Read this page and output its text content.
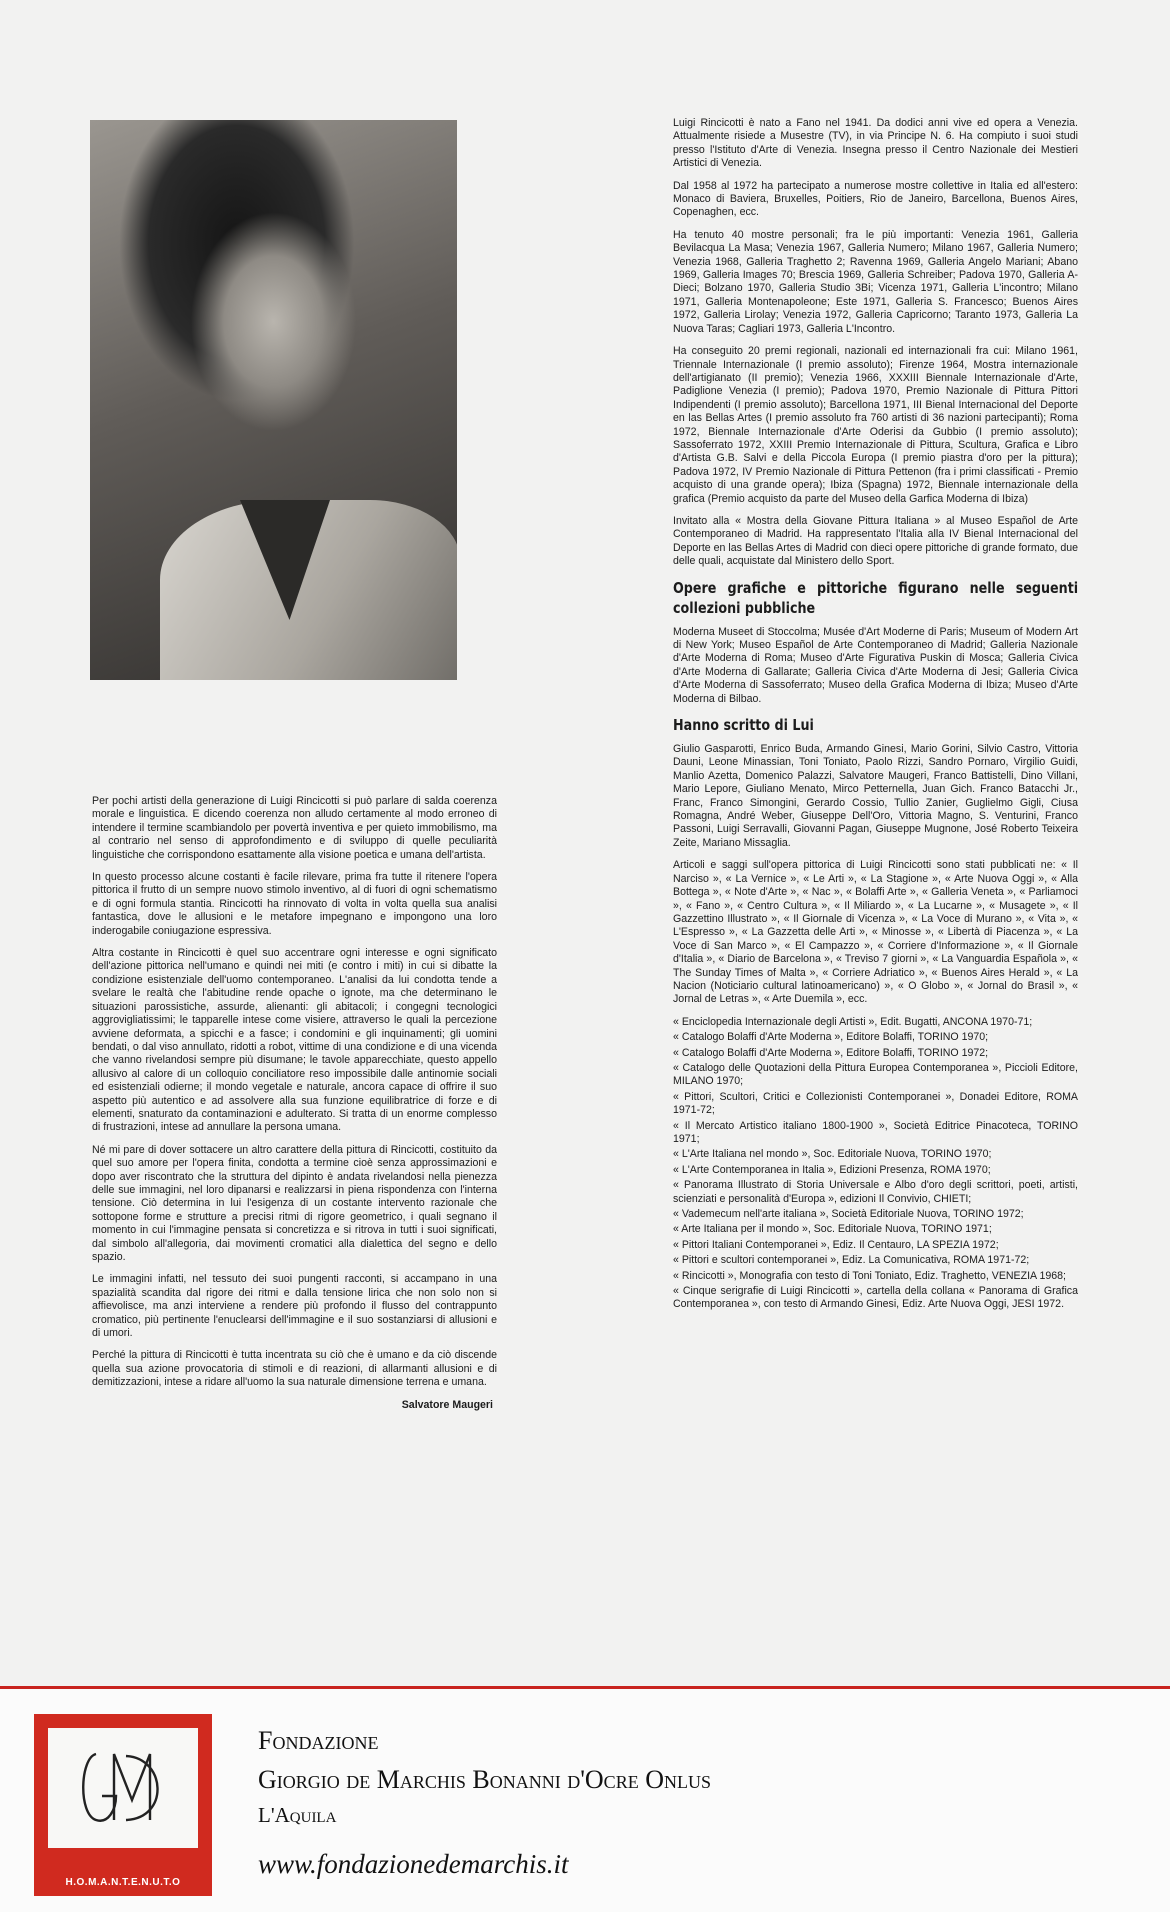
Per pochi artisti della generazione di Luigi Rincicotti si può parlare di salda coerenza morale e linguistica. E dicendo coerenza non alludo certamente al modo erroneo di intendere il termine scambiandolo per povertà inventiva e per quieto immobilismo, ma al contrario nel senso di approfondimento e di sviluppo di quelle peculiarità linguistiche che corrispondono esattamente alla visione poetica e umana dell'artista.

In questo processo alcune costanti è facile rilevare, prima fra tutte il ritenere l'opera pittorica il frutto di un sempre nuovo stimolo inventivo, al di fuori di ogni schematismo e di ogni formula stantia. Rincicotti ha rinnovato di volta in volta quella sua analisi fantastica, dove le allusioni e le metafore impegnano e impongono una loro inderogabile coniugazione espressiva.

Altra costante in Rincicotti è quel suo accentrare ogni interesse e ogni significato dell'azione pittorica nell'umano e quindi nei miti (e contro i miti) in cui si dibatte la condizione esistenziale dell'uomo contemporaneo. L'analisi da lui condotta tende a svelare le realtà che l'abitudine rende opache o ignote, ma che determinano le situazioni parossistiche, assurde, alienanti: gli abitacoli; i congegni tecnologici aggrovigliatissimi; le tapparelle intese come visiere, attraverso le quali la percezione avviene deformata, a spicchi e a fasce; i condomini e gli inquinamenti; gli uomini bendati, o dal viso annullato, ridotti a robot, vittime di una condizione e di una vicenda che vanno rivelandosi sempre più disumane; le tavole apparecchiate, questo appello allusivo al calore di un colloquio conciliatore reso impossibile dalle antinomie sociali ed esistenziali odierne; il mondo vegetale e naturale, ancora capace di offrire il suo aspetto più autentico e ad assolvere alla sua funzione equilibratrice di forze e di elementi, snaturato da contaminazioni e adulterato. Si tratta di un enorme complesso di frustrazioni, intese ad annullare la persona umana.

Né mi pare di dover sottacere un altro carattere della pittura di Rincicotti, costituito da quel suo amore per l'opera finita, condotta a termine cioè senza approssimazioni e dopo aver riscontrato che la struttura del dipinto è andata rivelandosi nella pienezza delle sue immagini, nel loro dipanarsi e realizzarsi in piena rispondenza con l'interna tensione. Ciò determina in lui l'esigenza di un costante intervento razionale che sottopone forme e strutture a precisi ritmi di rigore geometrico, i quali segnano il momento in cui l'immagine pensata si concretizza e si ritrova in tutti i suoi significati, dal simbolo all'allegoria, dai movimenti cromatici alla dialettica del segno e dello spazio.

Le immagini infatti, nel tessuto dei suoi pungenti racconti, si accampano in una spazialità scandita dal rigore dei ritmi e dalla tensione lirica che non solo non si affievolisce, ma anzi interviene a rendere più profondo il flusso del contrappunto cromatico, più pertinente l'enuclearsi dell'immagine e il suo sostanziarsi di allusioni e di umori.

Perché la pittura di Rincicotti è tutta incentrata su ciò che è umano e da ciò discende quella sua azione provocatoria di stimoli e di reazioni, di allarmanti allusioni e di demitizzazioni, intese a ridare all'uomo la sua naturale dimensione terrena e umana.

Salvatore Maugeri

Luigi Rincicotti è nato a Fano nel 1941. Da dodici anni vive ed opera a Venezia. Attualmente risiede a Musestre (TV), in via Principe N. 6. Ha compiuto i suoi studi presso l'Istituto d'Arte di Venezia. Insegna presso il Centro Nazionale dei Mestieri Artistici di Venezia.

Dal 1958 al 1972 ha partecipato a numerose mostre collettive in Italia ed all'estero: Monaco di Baviera, Bruxelles, Poitiers, Rio de Janeiro, Barcellona, Buenos Aires, Copenaghen, ecc.

Ha tenuto 40 mostre personali; fra le più importanti: Venezia 1961, Galleria Bevilacqua La Masa; Venezia 1967, Galleria Numero; Milano 1967, Galleria Numero; Venezia 1968, Galleria Traghetto 2; Ravenna 1969, Galleria Angelo Mariani; Abano 1969, Galleria Images 70; Brescia 1969, Galleria Schreiber; Padova 1970, Galleria A-Dieci; Bolzano 1970, Galleria Studio 3Bi; Vicenza 1971, Galleria L'incontro; Milano 1971, Galleria Montenapoleone; Este 1971, Galleria S. Francesco; Buenos Aires 1972, Galleria Lirolay; Venezia 1972, Galleria Capricorno; Taranto 1973, Galleria La Nuova Taras; Cagliari 1973, Galleria L'Incontro.

Ha conseguito 20 premi regionali, nazionali ed internazionali fra cui: Milano 1961, Triennale Internazionale (I premio assoluto); Firenze 1964, Mostra internazionale dell'artigianato (II premio); Venezia 1966, XXXIII Biennale Internazionale d'Arte, Padiglione Venezia (I premio); Padova 1970, Premio Nazionale di Pittura Pittori Indipendenti (I premio assoluto); Barcellona 1971, III Bienal Internacional del Deporte en las Bellas Artes (I premio assoluto fra 760 artisti di 36 nazioni partecipanti); Roma 1972, Biennale Internazionale d'Arte Oderisi da Gubbio (I premio assoluto); Sassoferrato 1972, XXIII Premio Internazionale di Pittura, Scultura, Grafica e Libro d'Artista G.B. Salvi e della Piccola Europa (I premio piastra d'oro per la pittura); Padova 1972, IV Premio Nazionale di Pittura Pettenon (fra i primi classificati - Premio acquisto di una grande opera); Ibiza (Spagna) 1972, Biennale internazionale della grafica (Premio acquisto da parte del Museo della Garfica Moderna di Ibiza)

Invitato alla « Mostra della Giovane Pittura Italiana » al Museo Español de Arte Contemporaneo di Madrid. Ha rappresentato l'Italia alla IV Bienal Internacional del Deporte en las Bellas Artes di Madrid con dieci opere pittoriche di grande formato, due delle quali, acquistate dal Ministero dello Sport.

Opere grafiche e pittoriche figurano nelle seguenti collezioni pubbliche

Moderna Museet di Stoccolma; Musée d'Art Moderne di Paris; Museum of Modern Art di New York; Museo Español de Arte Contemporaneo di Madrid; Galleria Nazionale d'Arte Moderna di Roma; Museo d'Arte Figurativa Puskin di Mosca; Galleria Civica d'Arte Moderna di Gallarate; Galleria Civica d'Arte Moderna di Jesi; Galleria Civica d'Arte Moderna di Sassoferrato; Museo della Grafica Moderna di Ibiza; Museo d'Arte Moderna di Bilbao.

Hanno scritto di Lui

Giulio Gasparotti, Enrico Buda, Armando Ginesi, Mario Gorini, Silvio Castro, Vittoria Dauni, Leone Minassian, Toni Toniato, Paolo Rizzi, Sandro Pornaro, Virgilio Guidi, Manlio Azetta, Domenico Palazzi, Salvatore Maugeri, Franco Battistelli, Dino Villani, Mario Lepore, Giuliano Menato, Mirco Petternella, Juan Gich. Franco Batacchi Jr., Franc, Franco Simongini, Gerardo Cossio, Tullio Zanier, Guglielmo Gigli, Ciusa Romagna, André Weber, Giuseppe Dell'Oro, Vittoria Magno, S. Venturini, Franco Passoni, Luigi Serravalli, Giovanni Pagan, Giuseppe Mugnone, José Roberto Teixeira Zeite, Mariano Missaglia.

Articoli e saggi sull'opera pittorica di Luigi Rincicotti sono stati pubblicati ne: « Il Narciso », « La Vernice », « Le Arti », « La Stagione », « Arte Nuova Oggi », « Alla Bottega », « Note d'Arte », « Nac », « Bolaffi Arte », « Galleria Veneta », « Parliamoci », « Fano », « Centro Cultura », « Il Miliardo », « La Lucarne », « Musagete », « Il Gazzettino Illustrato », « Il Giornale di Vicenza », « La Voce di Murano », « Vita », « L'Espresso », « La Gazzetta delle Arti », « Minosse », « Libertà di Piacenza », « La Voce di San Marco », « El Campazzo », « Corriere d'Informazione », « Il Giornale d'Italia », « Diario de Barcelona », « Treviso 7 giorni », « La Vanguardia Española », « The Sunday Times of Malta », « Corriere Adriatico », « Buenos Aires Herald », « La Nacion (Noticiario cultural latinoamericano) », « O Globo », « Jornal do Brasil », « Jornal de Letras », « Arte Duemila », ecc.

« Enciclopedia Internazionale degli Artisti », Edit. Bugatti, ANCONA 1970-71;

« Catalogo Bolaffi d'Arte Moderna », Editore Bolaffi, TORINO 1970;

« Catalogo Bolaffi d'Arte Moderna », Editore Bolaffi, TORINO 1972;

« Catalogo delle Quotazioni della Pittura Europea Contemporanea », Piccioli Editore, MILANO 1970;

« Pittori, Scultori, Critici e Collezionisti Contemporanei », Donadei Editore, ROMA 1971-72;

« Il Mercato Artistico italiano 1800-1900 », Società Editrice Pinacoteca, TORINO 1971;

« L'Arte Italiana nel mondo », Soc. Editoriale Nuova, TORINO 1970;

« L'Arte Contemporanea in Italia », Edizioni Presenza, ROMA 1970;

« Panorama Illustrato di Storia Universale e Albo d'oro degli scrittori, poeti, artisti, scienziati e personalità d'Europa », edizioni Il Convivio, CHIETI;

« Vademecum nell'arte italiana », Società Editoriale Nuova, TORINO 1972;

« Arte Italiana per il mondo », Soc. Editoriale Nuova, TORINO 1971;

« Pittori Italiani Contemporanei », Ediz. Il Centauro, LA SPEZIA 1972;

« Pittori e scultori contemporanei », Ediz. La Comunicativa, ROMA 1971-72;

« Rincicotti », Monografia con testo di Toni Toniato, Ediz. Traghetto, VENEZIA 1968;

« Cinque serigrafie di Luigi Rincicotti », cartella della collana « Panorama di Grafica Contemporanea », con testo di Armando Ginesi, Ediz. Arte Nuova Oggi, JESI 1972.

H.O.M.A.N.T.E.N.U.T.O
Fondazione
Giorgio de Marchis Bonanni d'Ocre Onlus
L'Aquila
www.fondazionedemarchis.it
